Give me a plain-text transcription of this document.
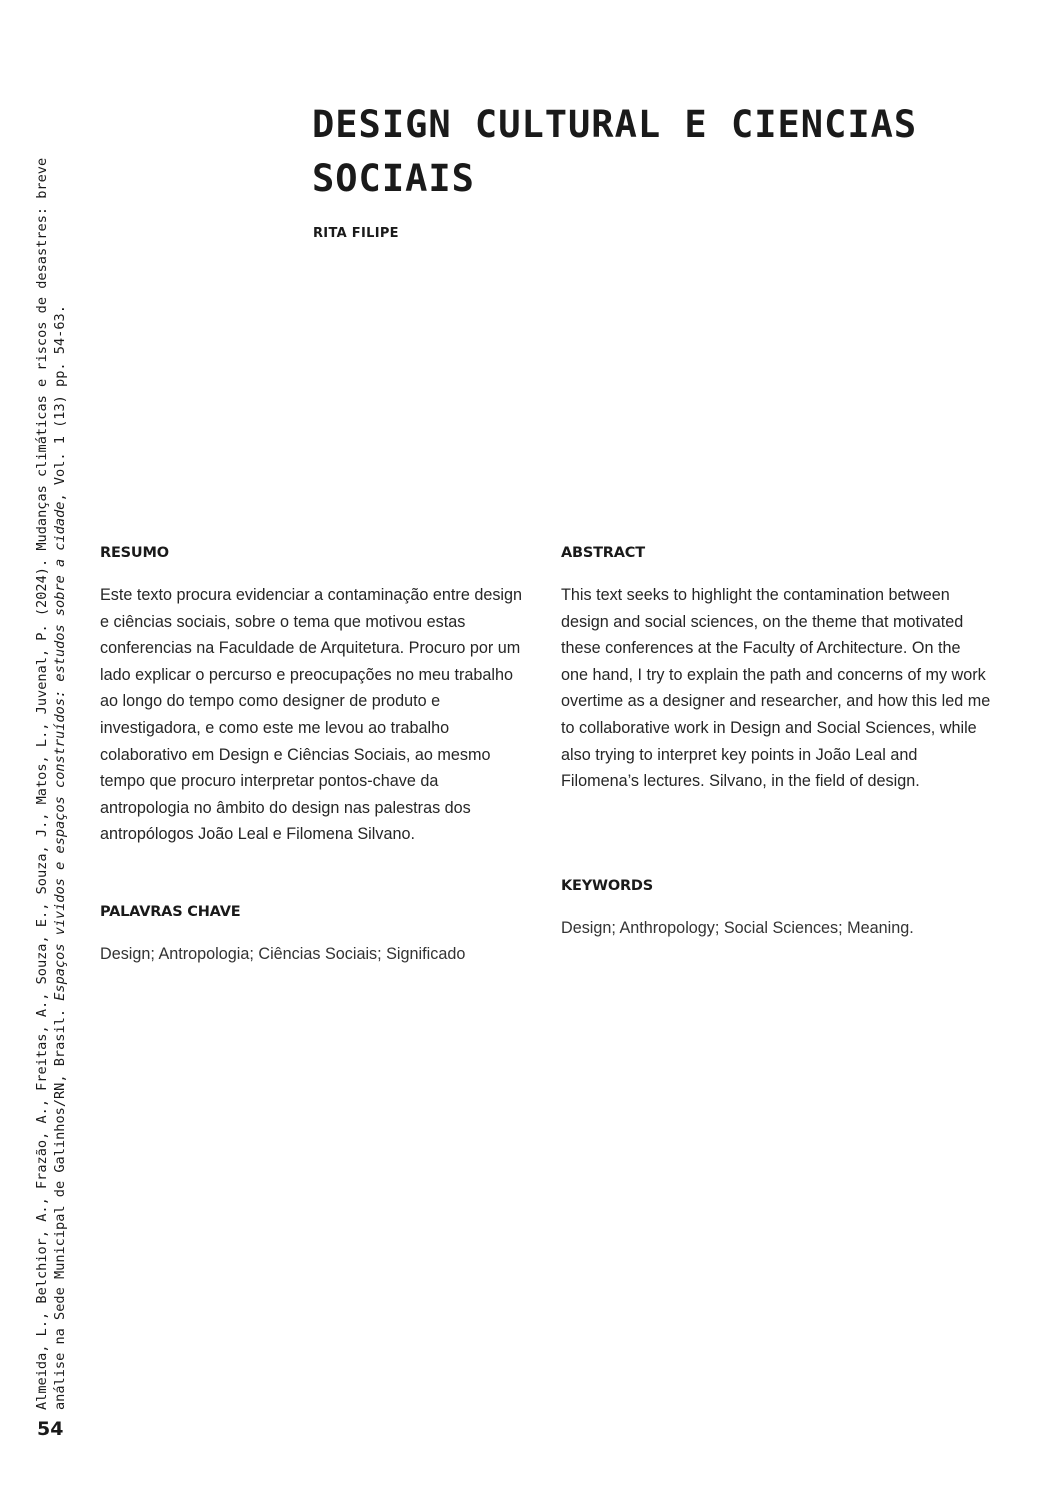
DESIGN CULTURAL E CIENCIAS SOCIAIS
RITA FILIPE
RESUMO

Este texto procura evidenciar a contaminação entre design e ciências sociais, sobre o tema que motivou estas conferencias na Faculdade de Arquitetura. Procuro por um lado explicar o percurso e preocupações no meu trabalho ao longo do tempo como designer de produto e investigadora, e como este me levou ao trabalho colaborativo em Design e Ciências Sociais, ao mesmo tempo que procuro interpretar pontos-chave da antropologia no âmbito do design nas palestras dos antropólogos João Leal e Filomena Silvano.

ABSTRACT

This text seeks to highlight the contamination between design and social sciences, on the theme that motivated these conferences at the Faculty of Architecture. On the one hand, I try to explain the path and concerns of my work overtime as a designer and researcher, and how this led me to collaborative work in Design and Social Sciences, while also trying to interpret key points in João Leal and Filomena’s lectures. Silvano, in the field of design.

PALAVRAS CHAVE

Design; Antropologia; Ciências Sociais; Significado

KEYWORDS

Design; Anthropology; Social Sciences; Meaning.

Almeida, L., Belchior, A., Frazão, A., Freitas, A., Souza, E., Souza, J., Matos, L., Juvenal, P. (2024). Mudanças climáticas e riscos de desastres: breve análise na Sede Municipal de Galinhos/RN, Brasil. Espaços vividos e espaços construídos: estudos sobre a cidade, Vol. 1 (13) pp. 54-63.
54
